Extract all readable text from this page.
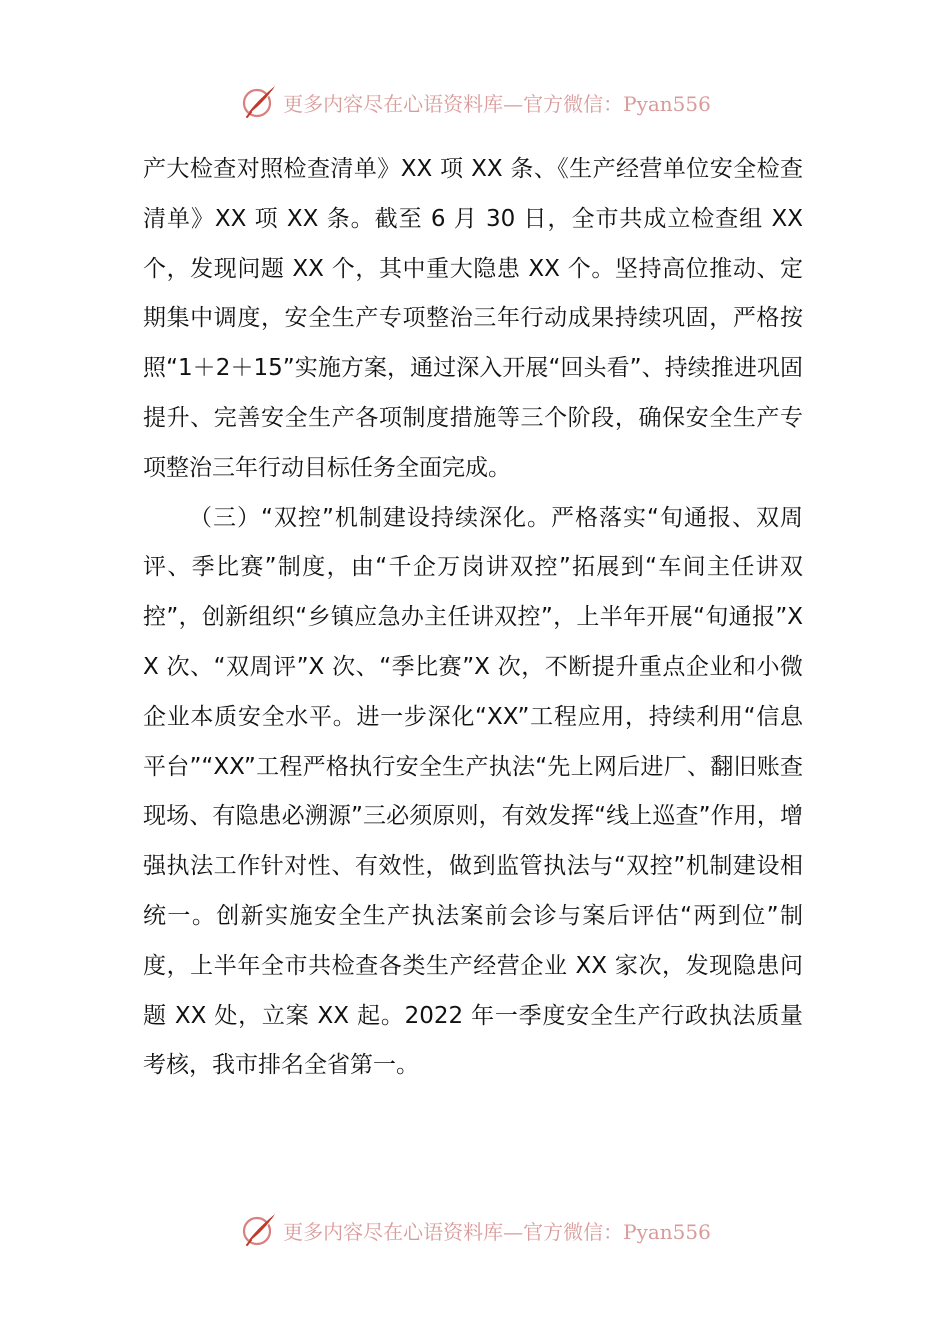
更多内容尽在心语资料库—官方微信：Pyan556

产大检查对照检查清单》XX 项 XX 条、《生产经营单位安全检查清单》XX 项 XX 条。截至 6 月 30 日，全市共成立检查组 XX 个，发现问题 XX 个，其中重大隐患 XX 个。坚持高位推动、定期集中调度，安全生产专项整治三年行动成果持续巩固，严格按照“1＋2＋15”实施方案，通过深入开展“回头看”、持续推进巩固提升、完善安全生产各项制度措施等三个阶段，确保安全生产专项整治三年行动目标任务全面完成。

（三）“双控”机制建设持续深化。严格落实“旬通报、双周评、季比赛”制度，由“千企万岗讲双控”拓展到“车间主任讲双控”，创新组织“乡镇应急办主任讲双控”，上半年开展“旬通报”XX 次、“双周评”X 次、“季比赛”X 次，不断提升重点企业和小微企业本质安全水平。进一步深化“XX”工程应用，持续利用“信息平台”“XX”工程严格执行安全生产执法“先上网后进厂、翻旧账查现场、有隐患必溯源”三必须原则，有效发挥“线上巡查”作用，增强执法工作针对性、有效性，做到监管执法与“双控”机制建设相统一。创新实施安全生产执法案前会诊与案后评估“两到位”制度，上半年全市共检查各类生产经营企业 XX 家次，发现隐患问题 XX 处，立案 XX 起。2022 年一季度安全生产行政执法质量考核，我市排名全省第一。

更多内容尽在心语资料库—官方微信：Pyan556
